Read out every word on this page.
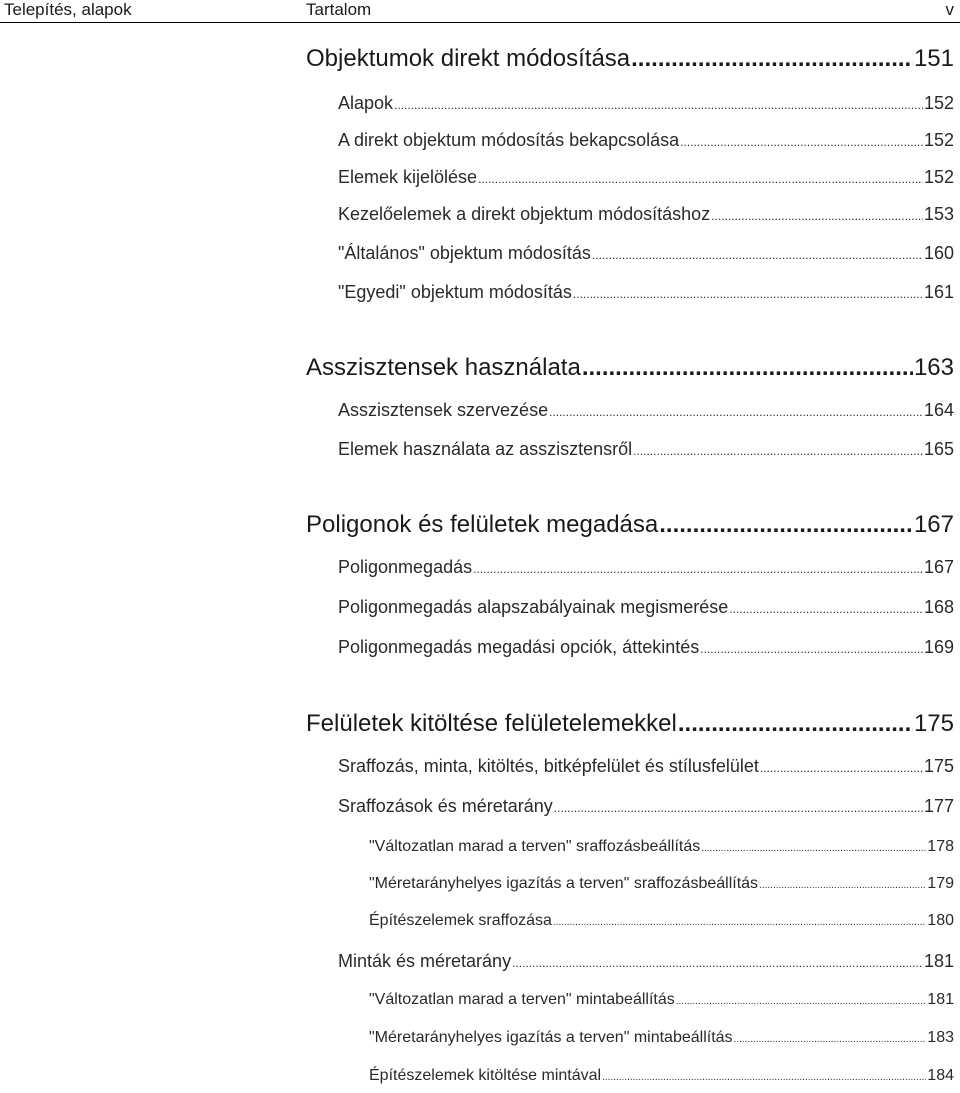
Telepítés, alapok	Tartalom	v
Objektumok direkt módosítása .....	151
Alapok .....	152
A direkt objektum módosítás bekapcsolása .....	152
Elemek kijelölése .....	152
Kezelőelemek a direkt objektum módosításhoz .....	153
"Általános" objektum módosítás .....	160
"Egyedi" objektum módosítás .....	161
Asszisztensek használata .....	163
Asszisztensek szervezése .....	164
Elemek használata az asszisztensről .....	165
Poligonok és felületek megadása .....	167
Poligonmegadás .....	167
Poligonmegadás alapszabályainak megismerése .....	168
Poligonmegadás megadási opciók, áttekintés .....	169
Felületek kitöltése felületelemekkel .....	175
Sraffozás, minta, kitöltés, bitképfelület és stílusfelület .....	175
Sraffozások és méretarány .....	177
"Változatlan marad a terven" sraffozásbeállítás .....	178
"Méretarányhelyes igazítás a terven" sraffozásbeállítás .....	179
Építészelemek sraffozása .....	180
Minták és méretarány .....	181
"Változatlan marad a terven" mintabeállítás .....	181
"Méretarányhelyes igazítás a terven" mintabeállítás .....	183
Építészelemek kitöltése mintával .....	184
